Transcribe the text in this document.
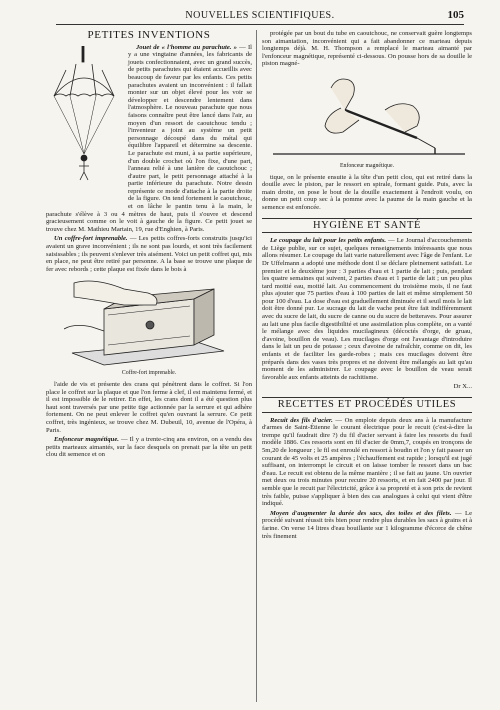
NOUVELLES SCIENTIFIQUES.	105
PETITES INVENTIONS

Jouet de « l'homme au parachute. » — Il y a une vingtaine d'années, les fabricants de jouets confectionnaient, avec un grand succès, de petits parachutes qui étaient accueillis avec beaucoup de faveur par les enfants. Ces petits parachutes avaient un inconvénient : il fallait monter sur un objet élevé pour les voir se développer et descendre lentement dans l'atmosphère. Le nouveau parachute que nous faisons connaître peut être lancé dans l'air, au moyen d'un ressort de caoutchouc tendu ; l'inventeur a joint au système un petit personnage découpé dans du métal qui équilibre l'appareil et détermine sa descente. Le parachute est muni, à sa partie supérieure, d'un double crochet où l'on fixe, d'une part, l'anneau relié à une lanière de caoutchouc ; d'autre part, le petit personnage attaché à la partie inférieure du parachute. Notre dessin représente ce mode d'attache à la partie droite de la figure. On tend fortement le caoutchouc, et on lâche le pantin tenu à la main, le parachute s'élève à 3 ou 4 mètres de haut, puis il s'ouvre et descend gracieusement comme on le voit à gauche de la figure. Ce petit jouet se trouve chez M. Mathieu Martain, 19, rue d'Enghien, à Paris.

Un coffre-fort imprenable. — Les petits coffres-forts construits jusqu'ici avaient un grave inconvénient ; ils ne sont pas lourds, et sont très facilement saisissables ; ils peuvent s'enlever très aisément. Voici un petit coffret qui, mis en place, ne peut être retiré par personne. A la base se trouve une plaque de fer avec rebords ; cette plaque est fixée dans le bois à

Coffre-fort imprenable.

l'aide de vis et présente des crans qui pénètrent dans le coffret. Si l'on place le coffret sur la plaque et que l'on ferme à clef, il est maintenu fermé, et il est impossible de le retirer. En effet, les crans dont il a été question plus haut sont traversés par une petite tige actionnée par la serrure et qui adhère fortement. On ne peut enlever le coffret qu'en ouvrant la serrure. Ce petit coffret, très ingénieux, se trouve chez M. Dubeuil, 10, avenue de l'Opéra, à Paris.

Enfonceur magnétique. — Il y a trente-cinq ans environ, on a vendu des petits marteaux aimantés, sur la face desquels on prenait par la tête un petit clou dit semence et on

protégée par un bout du tube en caoutchouc, ne conservait guère longtemps son aimantation, inconvénient qui a fait abandonner ce marteau depuis longtemps déjà. M. H. Thompson a remplacé le marteau aimanté par l'enfonceur magnétique, représenté ci-dessous. On pousse hors de sa douille le piston magné-

Enfonceur magnétique.

tique, on le présente ensuite à la tête d'un petit clou, qui est retiré dans la douille avec le piston, par le ressort en spirale, formant guide. Puis, avec la main droite, on pose le bout de la douille exactement à l'endroit voulu, on donne un petit coup sec à la pomme avec la paume de la main gauche et la semence est enfoncée.

HYGIÈNE ET SANTÉ

Le coupage du lait pour les petits enfants. — Le Journal d'accouchements de Liège publie, sur ce sujet, quelques renseignements intéressants que nous allons résumer. Le coupage du lait varie naturellement avec l'âge de l'enfant. Le Dr Uffelmann a adopté une méthode dont il se déclare pleinement satisfait. Le premier et le deuxième jour : 3 parties d'eau et 1 partie de lait ; puis, pendant les quatre semaines qui suivent, 2 parties d'eau et 1 partie de lait ; un peu plus tard moitié eau, moitié lait. Au commencement du troisième mois, il ne faut plus ajouter que 75 parties d'eau à 100 parties de lait et même simplement 50 pour 100 d'eau. La dose d'eau est graduellement diminuée et il seuil mois le lait doit être donné pur. Le sucrage du lait de vache peut être fait indifféremment avec du sucre de lait, du sucre de canne ou du sucre de betteraves. Pour assurer au lait une plus facile digestibilité et une assimilation plus complète, on a vanté le mélange avec des liquides mucilagineux (décoctés d'orge, de gruau, d'avoine, bouillon de veau). Les mucilages d'orge ont l'avantage d'introduire dans le lait un peu de potasse ; ceux d'avoine de rafraîchir, comme on dit, les enfants et de faciliter les garde-robes ; mais ces mucilages doivent être préparés dans des vases très propres et ne doivent être mélangés au lait qu'au moment de les administrer. Le coupage avec le bouillon de veau serait favorable aux enfants atteints de rachitisme.

Dr X...
RECETTES ET PROCÉDÉS UTILES

Recuit des fils d'acier. — On emploie depuis deux ans à la manufacture d'armes de Saint-Étienne le courant électrique pour le recuit (c'est-à-dire la trempe qu'il faudrait dire ?) du fil d'acier servant à faire les ressorts du fusil modèle 1886. Ces ressorts sont en fil d'acier de 0mm,7, coupés en tronçons de 5m,20 de longueur ; le fil est enroulé en ressort à boudin et l'on y fait passer un courant de 45 volts et 25 ampères ; l'échauffement est rapide ; lorsqu'il est jugé suffisant, on interrompt le circuit et on laisse tomber le ressort dans un bac d'eau. Le recuit est obtenu de la même manière ; il se fait au jaune. Un ouvrier met deux ou trois minutes pour recuire 20 ressorts, et en fait 2400 par jour. Il semble que le recuit par l'électricité, grâce à sa propreté et à son prix de revient très faible, puisse s'appliquer à bien des cas analogues à celui qui vient d'être indiqué.

Moyen d'augmenter la durée des sacs, des toiles et des filets. — Le procédé suivant réussit très bien pour rendre plus durables les sacs à grains et à farine. On verse 14 litres d'eau bouillante sur 1 kilogramme d'écorce de chêne très finement
